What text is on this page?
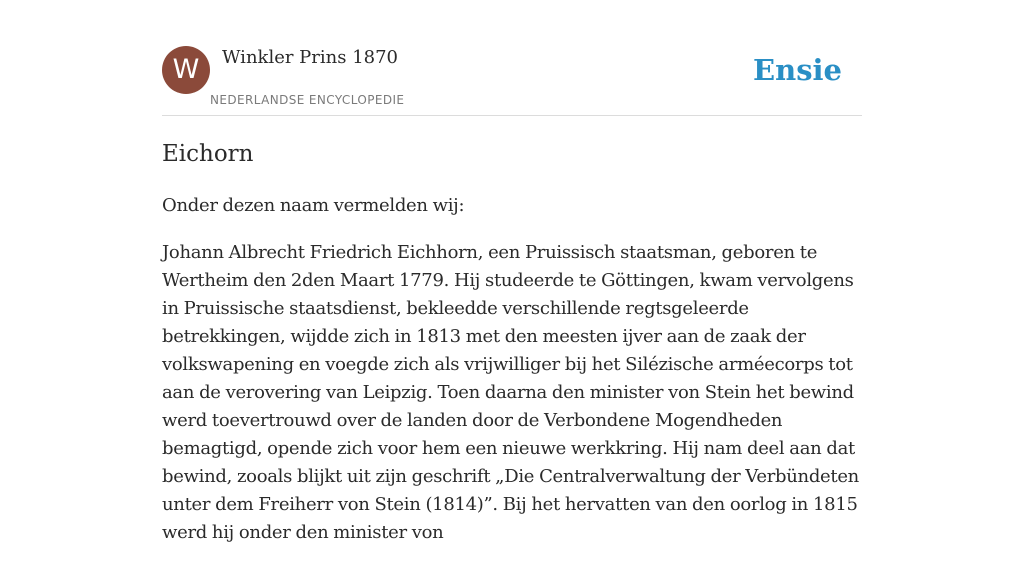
W	Winkler Prins 1870
NEDERLANDSE ENCYCLOPEDIE
Ensie
Eichorn

Onder dezen naam vermelden wij:

Johann Albrecht Friedrich Eichhorn, een Pruissisch staatsman, geboren te Wertheim den 2den Maart 1779. Hij studeerde te Göttingen, kwam vervolgens in Pruissische staatsdienst, bekleedde verschillende regtsgeleerde betrekkingen, wijdde zich in 1813 met den meesten ijver aan de zaak der volkswapening en voegde zich als vrijwilliger bij het Silézische arméecorps tot aan de verovering van Leipzig. Toen daarna den minister von Stein het bewind werd toevertrouwd over de landen door de Verbondene Mogendheden bemagtigd, opende zich voor hem een nieuwe werkkring. Hij nam deel aan dat bewind, zooals blijkt uit zijn geschrift „Die Centralverwaltung der Verbündeten unter dem Freiherr von Stein (1814)”. Bij het hervatten van den oorlog in 1815 werd hij onder den minister von
